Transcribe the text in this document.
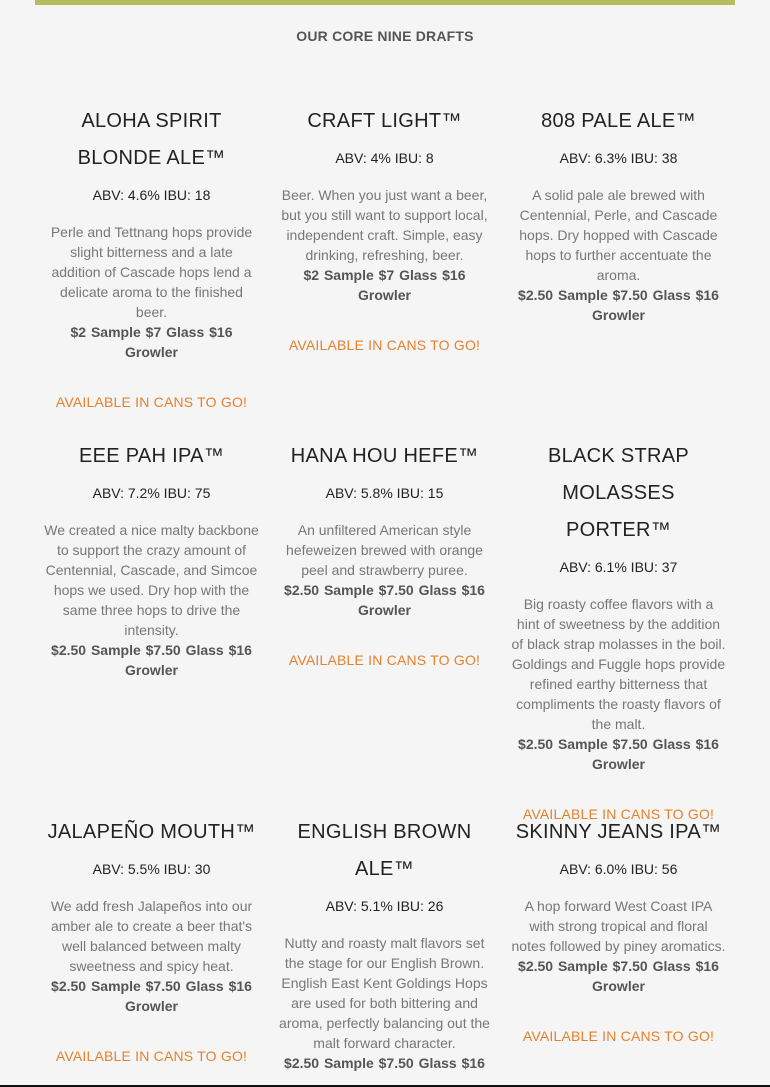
OUR CORE NINE DRAFTS
ALOHA SPIRIT BLONDE ALE™
ABV: 4.6% IBU: 18
Perle and Tettnang hops provide slight bitterness and a late addition of Cascade hops lend a delicate aroma to the finished beer.
$2 Sample $7 Glass $16 Growler
AVAILABLE IN CANS TO GO!
CRAFT LIGHT™
ABV: 4% IBU: 8
Beer. When you just want a beer, but you still want to support local, independent craft. Simple, easy drinking, refreshing, beer.
$2 Sample $7 Glass $16 Growler
AVAILABLE IN CANS TO GO!
808 PALE ALE™
ABV: 6.3% IBU: 38
A solid pale ale brewed with Centennial, Perle, and Cascade hops. Dry hopped with Cascade hops to further accentuate the aroma.
$2.50 Sample $7.50 Glass $16 Growler
EEE PAH IPA™
ABV: 7.2% IBU: 75
We created a nice malty backbone to support the crazy amount of Centennial, Cascade, and Simcoe hops we used. Dry hop with the same three hops to drive the intensity.
$2.50 Sample $7.50 Glass $16 Growler
HANA HOU HEFE™
ABV: 5.8% IBU: 15
An unfiltered American style hefeweizen brewed with orange peel and strawberry puree.
$2.50 Sample $7.50 Glass $16 Growler
AVAILABLE IN CANS TO GO!
BLACK STRAP MOLASSES PORTER™
ABV: 6.1% IBU: 37
Big roasty coffee flavors with a hint of sweetness by the addition of black strap molasses in the boil. Goldings and Fuggle hops provide refined earthy bitterness that compliments the roasty flavors of the malt.
$2.50 Sample $7.50 Glass $16 Growler
AVAILABLE IN CANS TO GO!
JALAPEÑO MOUTH™
ABV: 5.5% IBU: 30
We add fresh Jalapeños into our amber ale to create a beer that's well balanced between malty sweetness and spicy heat.
$2.50 Sample $7.50 Glass $16 Growler
AVAILABLE IN CANS TO GO!
ENGLISH BROWN ALE™
ABV: 5.1% IBU: 26
Nutty and roasty malt flavors set the stage for our English Brown. English East Kent Goldings Hops are used for both bittering and aroma, perfectly balancing out the malt forward character.
$2.50 Sample $7.50 Glass $16
SKINNY JEANS IPA™
ABV: 6.0% IBU: 56
A hop forward West Coast IPA with strong tropical and floral notes followed by piney aromatics.
$2.50 Sample $7.50 Glass $16 Growler
AVAILABLE IN CANS TO GO!
